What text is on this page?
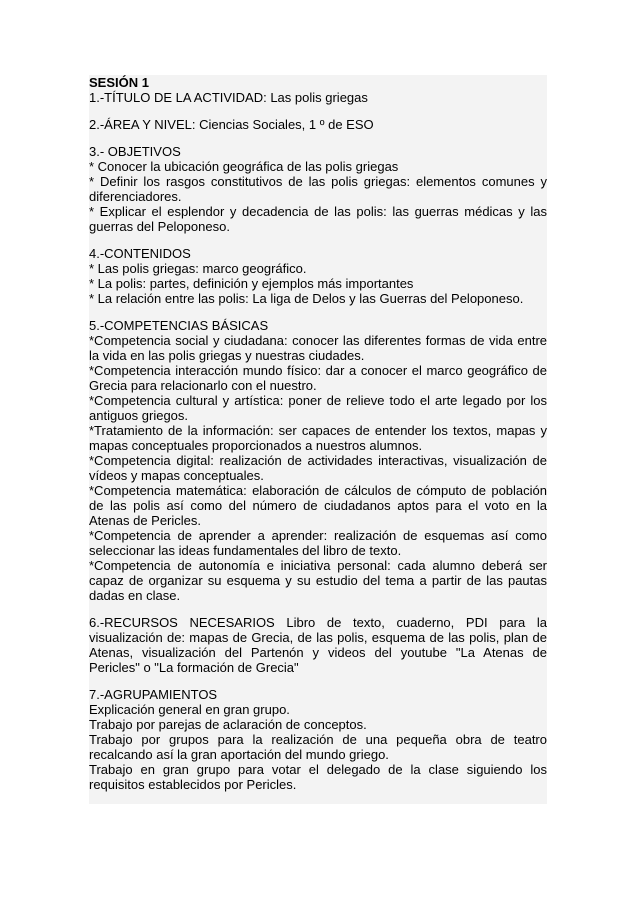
SESIÓN 1
1.-TÍTULO DE LA ACTIVIDAD: Las polis griegas
2.-ÁREA Y NIVEL: Ciencias Sociales, 1 º de ESO
3.- OBJETIVOS
* Conocer la ubicación geográfica de las polis griegas
* Definir los rasgos constitutivos de las polis griegas: elementos comunes y diferenciadores.
* Explicar el esplendor y decadencia de las polis: las guerras médicas y las guerras del Peloponeso.
4.-CONTENIDOS
* Las polis griegas: marco geográfico.
* La polis: partes, definición y ejemplos más importantes
* La relación entre las polis: La liga de Delos y las Guerras del Peloponeso.
5.-COMPETENCIAS BÁSICAS
*Competencia social y ciudadana: conocer las diferentes formas de vida entre la vida en las polis griegas y nuestras ciudades.
*Competencia interacción mundo físico: dar a conocer el marco geográfico de Grecia para relacionarlo con el nuestro.
*Competencia cultural y artística: poner de relieve todo el arte legado por los antiguos griegos.
*Tratamiento de la información: ser capaces de entender los textos, mapas y mapas conceptuales proporcionados a nuestros alumnos.
*Competencia digital: realización de actividades interactivas, visualización de vídeos y mapas conceptuales.
*Competencia matemática: elaboración de cálculos de cómputo de población de las polis así como del número de ciudadanos aptos para el voto en la Atenas de Pericles.
*Competencia de aprender a aprender: realización de esquemas así como seleccionar las ideas fundamentales del libro de texto.
*Competencia de autonomía e iniciativa personal: cada alumno deberá ser capaz de organizar su esquema y su estudio del tema a partir de las pautas dadas en clase.
6.-RECURSOS NECESARIOS Libro de texto, cuaderno, PDI para la visualización de: mapas de Grecia, de las polis, esquema de las polis, plan de Atenas, visualización del Partenón y videos del youtube "La Atenas de Pericles" o "La formación de Grecia"
7.-AGRUPAMIENTOS
Explicación general en gran grupo.
Trabajo por parejas de aclaración de conceptos.
Trabajo por grupos para la realización de una pequeña obra de teatro recalcando así la gran aportación del mundo griego.
Trabajo en gran grupo para votar el delegado de la clase siguiendo los requisitos establecidos por Pericles.
